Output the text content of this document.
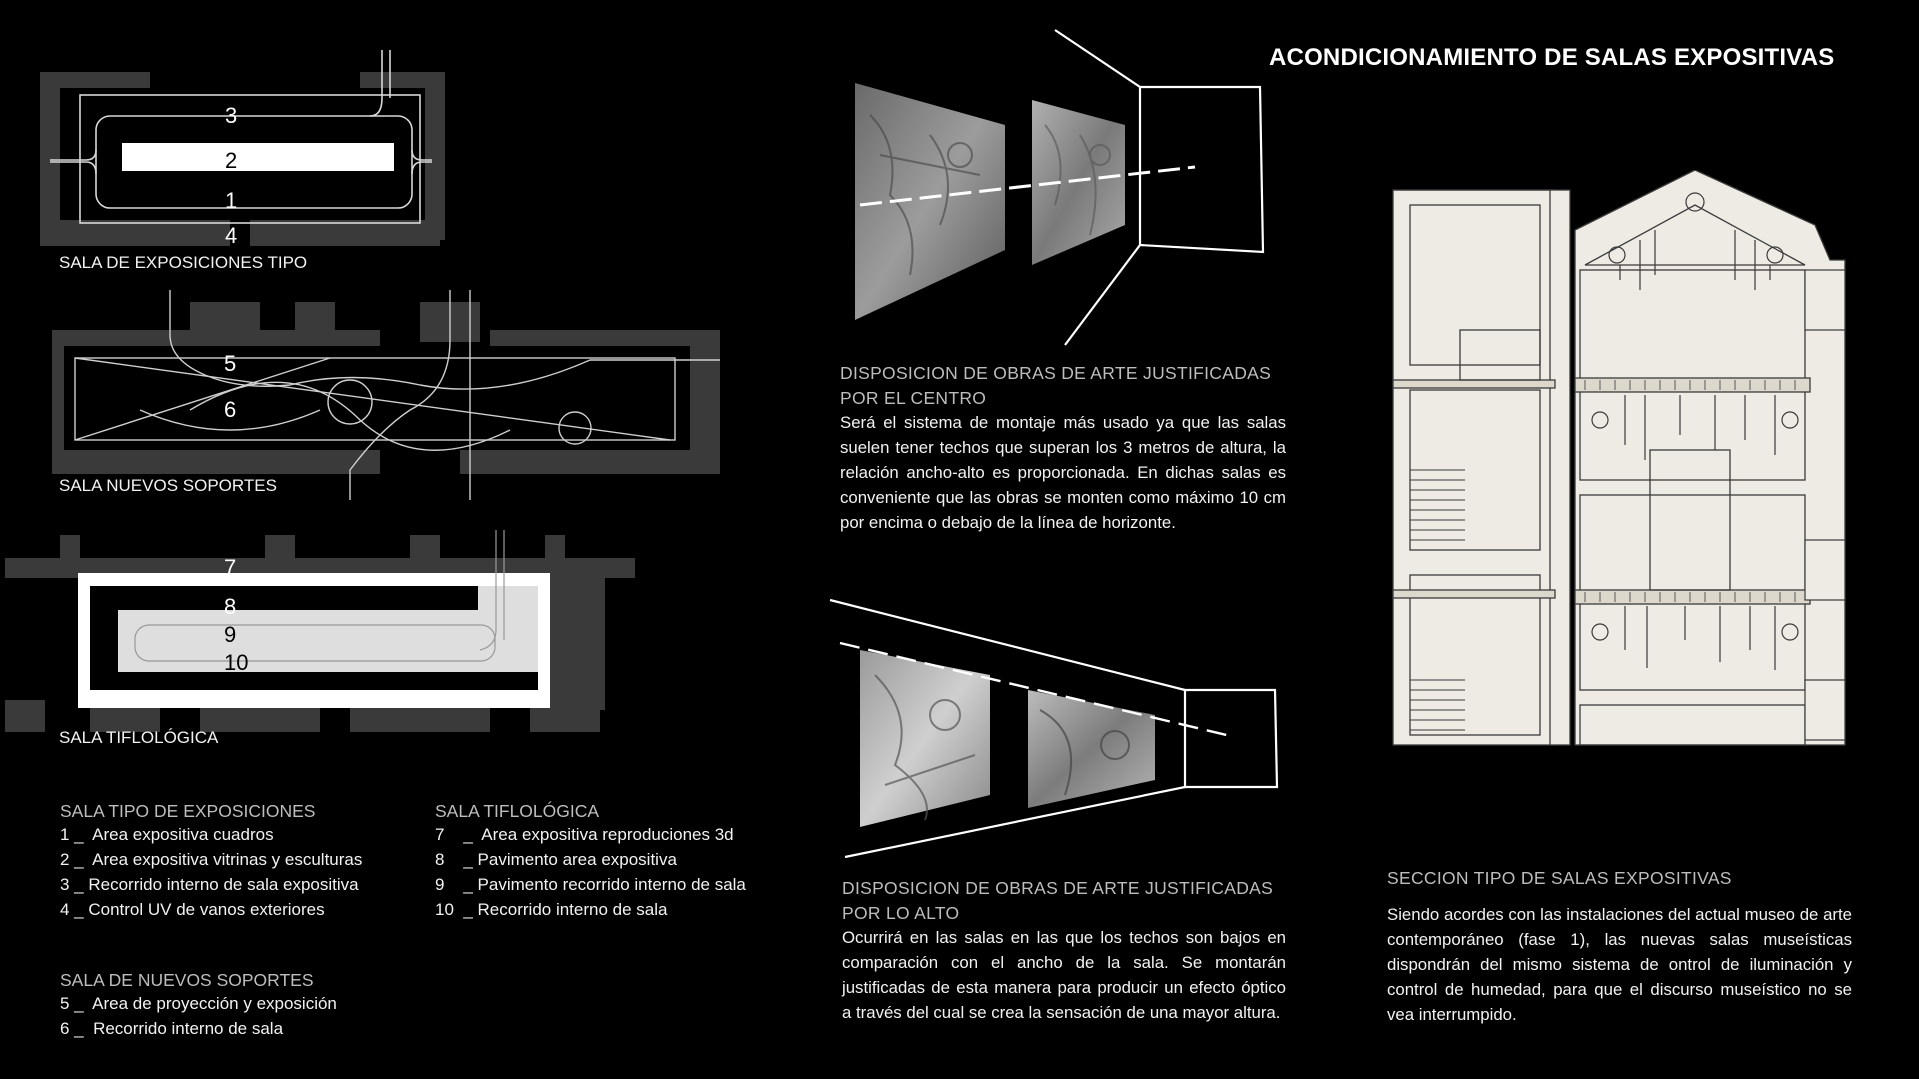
ACONDICIONAMIENTO DE SALAS EXPOSITIVAS
3
2
1
4
SALA DE EXPOSICIONES TIPO
5
6
SALA NUEVOS SOPORTES
7
8
9
10
SALA TIFLOLÓGICA
SALA TIPO DE EXPOSICIONES
1 _  Area expositiva cuadros
2 _  Area expositiva vitrinas y esculturas
3 _ Recorrido interno de sala expositiva
4 _ Control UV de vanos exteriores
SALA TIFLOLÓGICA
7    _  Area expositiva reproduciones 3d
8    _ Pavimento area expositiva
9    _ Pavimento recorrido interno de sala
10  _ Recorrido interno de sala
SALA DE NUEVOS SOPORTES
5 _  Area de proyección y exposición
6 _  Recorrido interno de sala
DISPOSICION DE OBRAS DE ARTE JUSTIFICADAS
POR EL CENTRO
Será el sistema de montaje más usado ya que las salas suelen tener techos que superan los 3 metros de altura, la relación ancho-alto es proporcionada. En dichas salas es conveniente que las obras se monten como máximo 10 cm por encima o debajo de la línea de horizonte.
DISPOSICION DE OBRAS DE ARTE JUSTIFICADAS
POR LO ALTO
Ocurrirá en las salas en las que los techos son bajos en comparación con el ancho de la sala. Se montarán justificadas de esta manera para producir un efecto óptico a través del cual se crea la sensación de una mayor altura.
SECCION TIPO DE SALAS EXPOSITIVAS
Siendo acordes con las instalaciones del actual museo de arte contemporáneo (fase 1), las nuevas salas museísticas dispondrán del mismo sistema de ontrol de iluminación y control de humedad, para que el discurso museístico no se vea interrumpido.
